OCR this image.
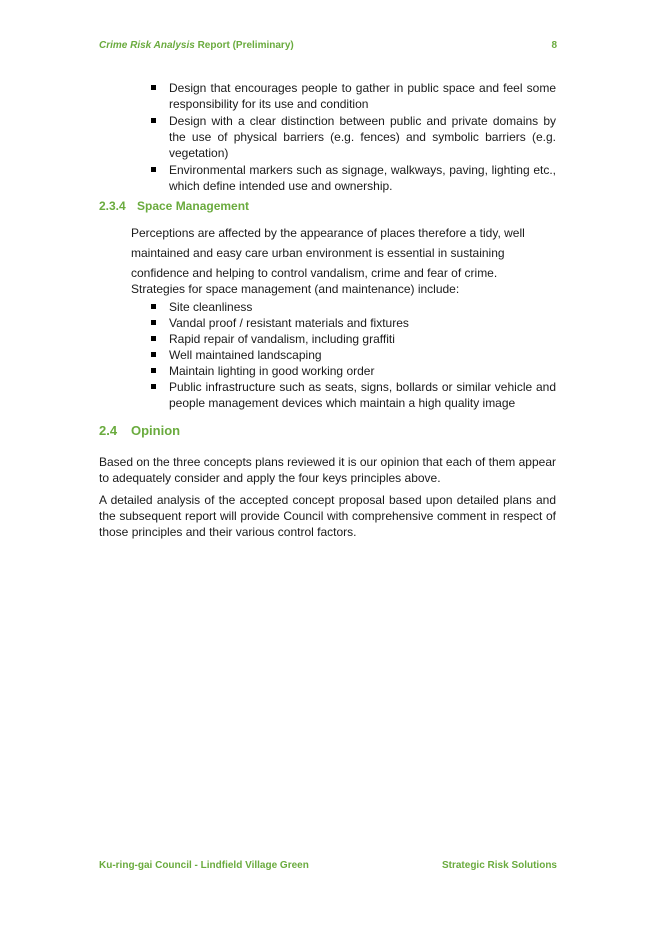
Crime Risk Analysis Report (Preliminary)	8
Design that encourages people to gather in public space and feel some responsibility for its use and condition
Design with a clear distinction between public and private domains by the use of physical barriers (e.g. fences) and symbolic barriers (e.g. vegetation)
Environmental markers such as signage, walkways, paving, lighting etc., which define intended use and ownership.
2.3.4 Space Management

Perceptions are affected by the appearance of places therefore a tidy, well maintained and easy care urban environment is essential in sustaining confidence and helping to control vandalism, crime and fear of crime.

Strategies for space management (and maintenance) include:

Site cleanliness
Vandal proof / resistant materials and fixtures
Rapid repair of vandalism, including graffiti
Well maintained landscaping
Maintain lighting in good working order
Public infrastructure such as seats, signs, bollards or similar vehicle and people management devices which maintain a high quality image
2.4 Opinion

Based on the three concepts plans reviewed it is our opinion that each of them appear to adequately consider and apply the four keys principles above.

A detailed analysis of the accepted concept proposal based upon detailed plans and the subsequent report will provide Council with comprehensive comment in respect of those principles and their various control factors.

Ku-ring-gai Council - Lindfield Village Green	Strategic Risk Solutions
